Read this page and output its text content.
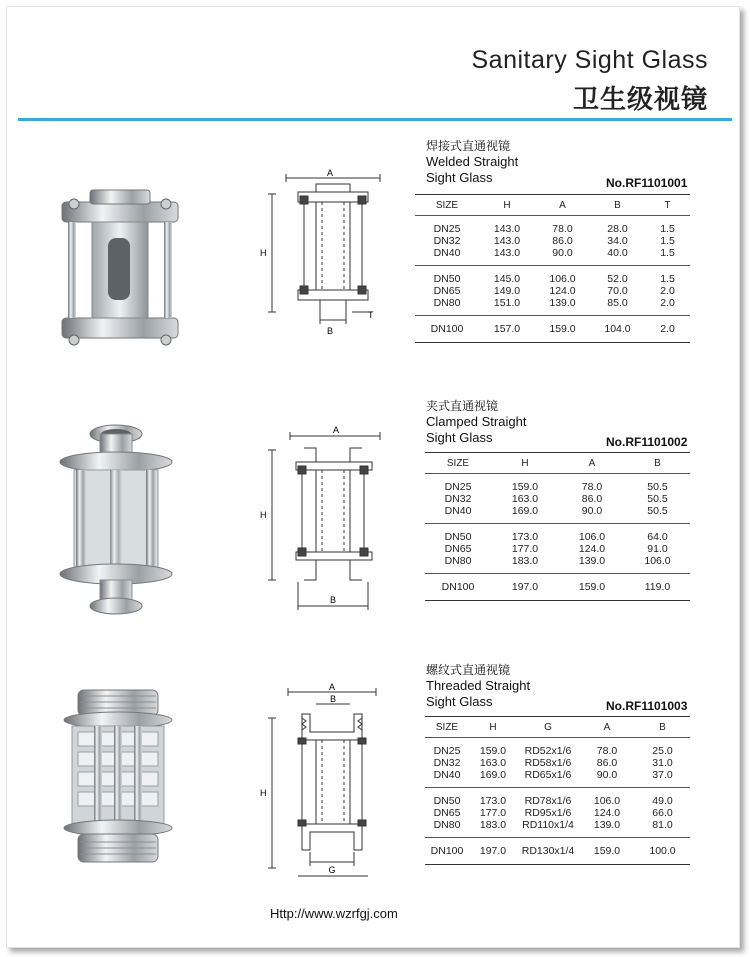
Sanitary Sight Glass
卫生级视镜
A
H
B
T
焊接式直通视镜
Welded Straight
Sight Glass	No.RF1101001
SIZE	H	A	B	T
DN25	143.0	78.0	28.0	1.5
DN32	143.0	86.0	34.0	1.5
DN40	143.0	90.0	40.0	1.5
DN50	145.0	106.0	52.0	1.5
DN65	149.0	124.0	70.0	2.0
DN80	151.0	139.0	85.0	2.0
DN100	157.0	159.0	104.0	2.0
A
H
B
夹式直通视镜
Clamped Straight
Sight Glass	No.RF1101002
SIZE	H	A	B
DN25	159.0	78.0	50.5
DN32	163.0	86.0	50.5
DN40	169.0	90.0	50.5
DN50	173.0	106.0	64.0
DN65	177.0	124.0	91.0
DN80	183.0	139.0	106.0
DN100	197.0	159.0	119.0
A
B
H
G
螺纹式直通视镜
Threaded Straight
Sight Glass	No.RF1101003
SIZE	H	G	A	B
DN25	159.0	RD52x1/6	78.0	25.0
DN32	163.0	RD58x1/6	86.0	31.0
DN40	169.0	RD65x1/6	90.0	37.0
DN50	173.0	RD78x1/6	106.0	49.0
DN65	177.0	RD95x1/6	124.0	66.0
DN80	183.0	RD110x1/4	139.0	81.0
DN100	197.0	RD130x1/4	159.0	100.0
Http://www.wzrfgj.com
